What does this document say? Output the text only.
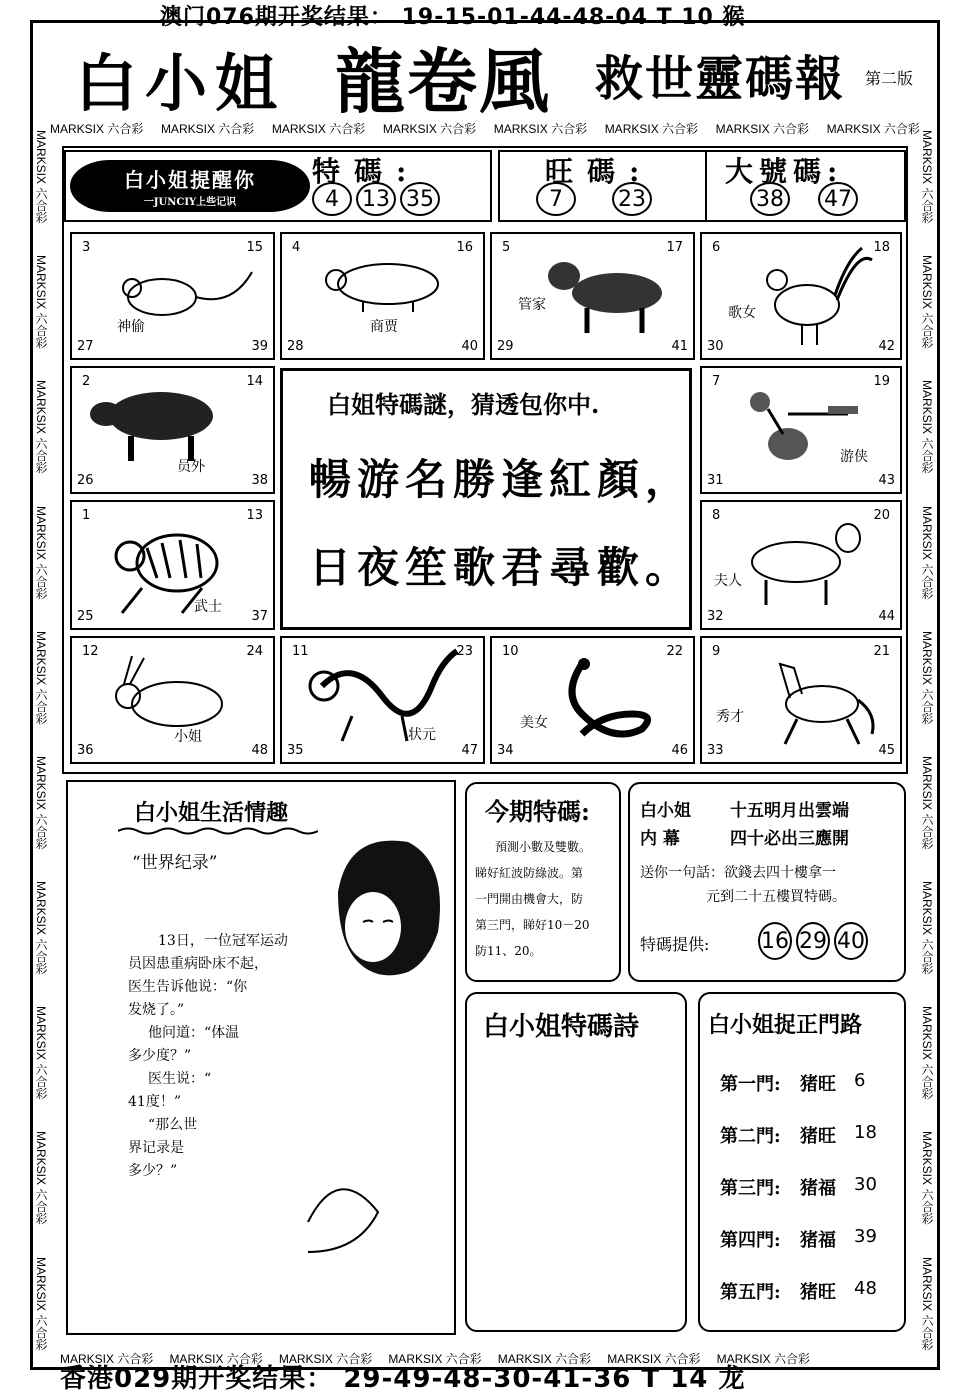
澳门076期开奖结果： 19-15-01-44-48-04 T 10 猴
白小姐 龍卷風 救世靈碼報 第二版
MARKSIX 六合彩 MARKSIX 六合彩 MARKSIX 六合彩 MARKSIX 六合彩 MARKSIX 六合彩 MARKSIX 六合彩 MARKSIX 六合彩 MARKSIX 六合彩
MARKSIX 六合彩
MARKSIX 六合彩
MARKSIX 六合彩
MARKSIX 六合彩
MARKSIX 六合彩
MARKSIX 六合彩
MARKSIX 六合彩
MARKSIX 六合彩
MARKSIX 六合彩
MARKSIX 六合彩
MARKSIX 六合彩
MARKSIX 六合彩
MARKSIX 六合彩
MARKSIX 六合彩
MARKSIX 六合彩
MARKSIX 六合彩
MARKSIX 六合彩
MARKSIX 六合彩
MARKSIX 六合彩
MARKSIX 六合彩
白小姐提醒你
一JUNCIY上些记识
特碼:
4 13 35
旺碼:
7	23
大號碼:
38 47
3	15
27	39
神偷
4	16
28	40
商贾
5	17
29	41
管家
6	18
30	42
歌女
2	14
26	38
员外
白姐特碼謎，猜透包你中.
暢游名勝逢紅顏，
日夜笙歌君尋歡。
7	19
31	43
游侠
1	13
25	37
武士
8	20
32	44
夫人
12	24
36	48
小姐
11	23
35	47
状元
10	22
34	46
美女
9	21
33	45
秀才
白小姐生活情趣
“世界纪录”
13日，一位冠军运动
员因患重病卧床不起，
医生告诉他说：“你
发烧了。”
他问道：“体温
多少度？”
医生说：“
41度！”
“那么世
界记录是
多少？”
今期特碼:
預測小數及雙數。
睇好紅波防綠波。第
一門開由機會大，防
第三門，睇好10－20
防11、20。
白小姐 十五明月出雲端
内 幕	四十必出三應開
送你一句話：欲錢去四十樓拿一
元到二十五樓買特碼。
特碼提供: 16 29 40
白小姐特碼詩	白小姐捉正門路
第一門:	猪旺	6
第二門:	猪旺	18
第三門:	猪福	30
第四門:	猪福	39
第五門:	猪旺	48
MARKSIX 六合彩 MARKSIX 六合彩 MARKSIX 六合彩 MARKSIX 六合彩 MARKSIX 六合彩 MARKSIX 六合彩 MARKSIX 六合彩
香港029期开奖结果： 29-49-48-30-41-36 T 14 龙
